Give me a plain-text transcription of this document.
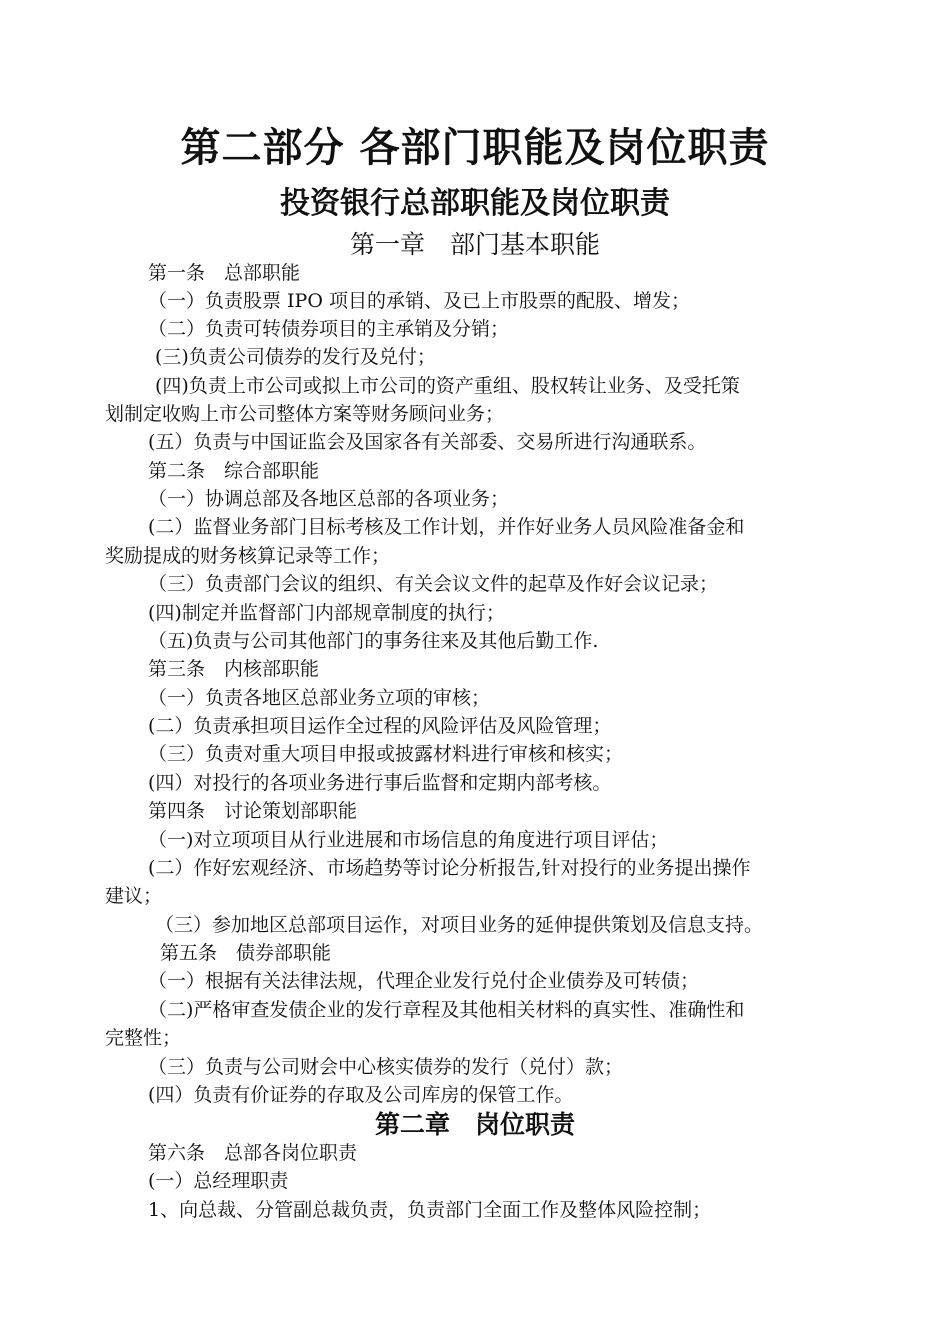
第二部分 各部门职能及岗位职责
投资银行总部职能及岗位职责
第一章　部门基本职能
第一条　总部职能
（一）负责股票 IPO 项目的承销、及已上市股票的配股、增发；
（二）负责可转债券项目的主承销及分销；
(三)负责公司债券的发行及兑付；
(四)负责上市公司或拟上市公司的资产重组、股权转让业务、及受托策
划制定收购上市公司整体方案等财务顾问业务；
(五）负责与中国证监会及国家各有关部委、交易所进行沟通联系。
第二条　综合部职能
（一）协调总部及各地区总部的各项业务；
(二）监督业务部门目标考核及工作计划，并作好业务人员风险准备金和
奖励提成的财务核算记录等工作；
（三）负责部门会议的组织、有关会议文件的起草及作好会议记录；
(四)制定并监督部门内部规章制度的执行；
（五)负责与公司其他部门的事务往来及其他后勤工作.
第三条　内核部职能
（一）负责各地区总部业务立项的审核；
(二）负责承担项目运作全过程的风险评估及风险管理；
（三）负责对重大项目申报或披露材料进行审核和核实；
(四）对投行的各项业务进行事后监督和定期内部考核。
第四条　讨论策划部职能
（一)对立项项目从行业进展和市场信息的角度进行项目评估；
(二）作好宏观经济、市场趋势等讨论分析报告,针对投行的业务提出操作
建议；
（三）参加地区总部项目运作，对项目业务的延伸提供策划及信息支持。
第五条　债券部职能
（一）根据有关法律法规，代理企业发行兑付企业债券及可转债；
（二)严格审查发债企业的发行章程及其他相关材料的真实性、准确性和
完整性；
（三）负责与公司财会中心核实债券的发行（兑付）款；
(四）负责有价证券的存取及公司库房的保管工作。
第二章　岗位职责
第六条　总部各岗位职责
(一）总经理职责
1、向总裁、分管副总裁负责，负责部门全面工作及整体风险控制；
